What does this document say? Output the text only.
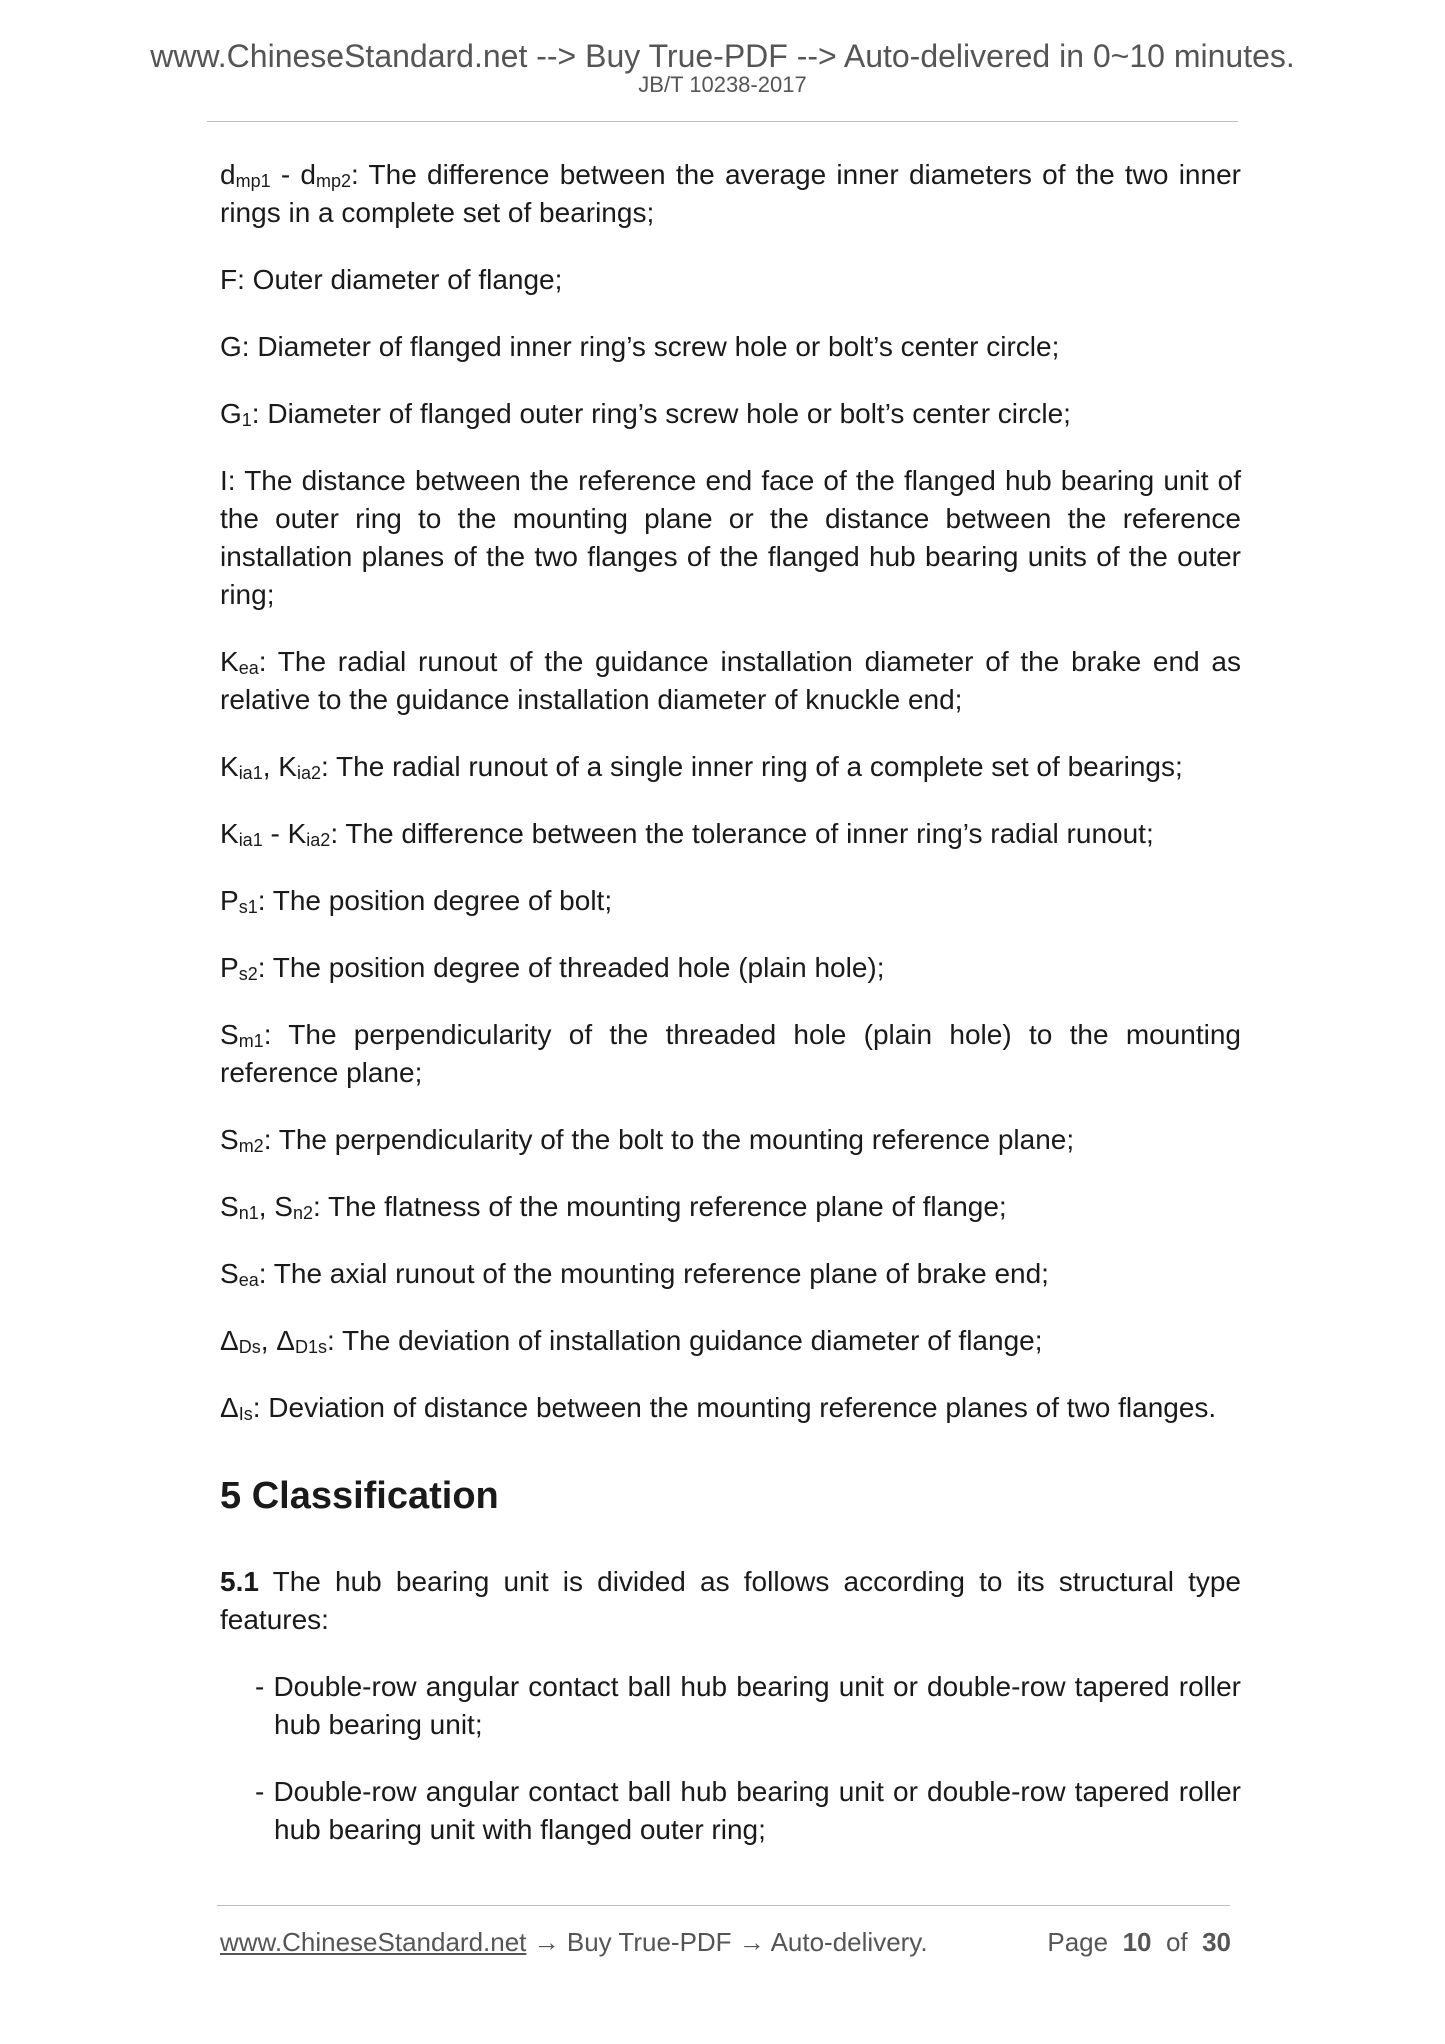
www.ChineseStandard.net --> Buy True-PDF --> Auto-delivered in 0~10 minutes.
JB/T 10238-2017

$d_{mp1} - d_{mp2}$: The difference between the average inner diameters of the two inner rings in a complete set of bearings;

F: Outer diameter of flange;

G: Diameter of flanged inner ring’s screw hole or bolt’s center circle;

$G_1$: Diameter of flanged outer ring’s screw hole or bolt’s center circle;

I: The distance between the reference end face of the flanged hub bearing unit of the outer ring to the mounting plane or the distance between the reference installation planes of the two flanges of the flanged hub bearing units of the outer ring;

$K_{ea}$: The radial runout of the guidance installation diameter of the brake end as relative to the guidance installation diameter of knuckle end;

$K_{ia1}$, $K_{ia2}$: The radial runout of a single inner ring of a complete set of bearings;

$K_{ia1} - K_{ia2}$: The difference between the tolerance of inner ring’s radial runout;

$P_{s1}$: The position degree of bolt;

$P_{s2}$: The position degree of threaded hole (plain hole);

$S_{m1}$: The perpendicularity of the threaded hole (plain hole) to the mounting reference plane;

$S_{m2}$: The perpendicularity of the bolt to the mounting reference plane;

$S_{n1}$, $S_{n2}$: The flatness of the mounting reference plane of flange;

$S_{ea}$: The axial runout of the mounting reference plane of brake end;

$\Delta_{Ds}$, $\Delta_{D1s}$: The deviation of installation guidance diameter of flange;

$\Delta_{Is}$: Deviation of distance between the mounting reference planes of two flanges.

5 Classification

5.1 The hub bearing unit is divided as follows according to its structural type features:

- Double-row angular contact ball hub bearing unit or double-row tapered roller hub bearing unit;

- Double-row angular contact ball hub bearing unit or double-row tapered roller hub bearing unit with flanged outer ring;

www.ChineseStandard.net → Buy True-PDF → Auto-delivery.	Page 10 of 30
